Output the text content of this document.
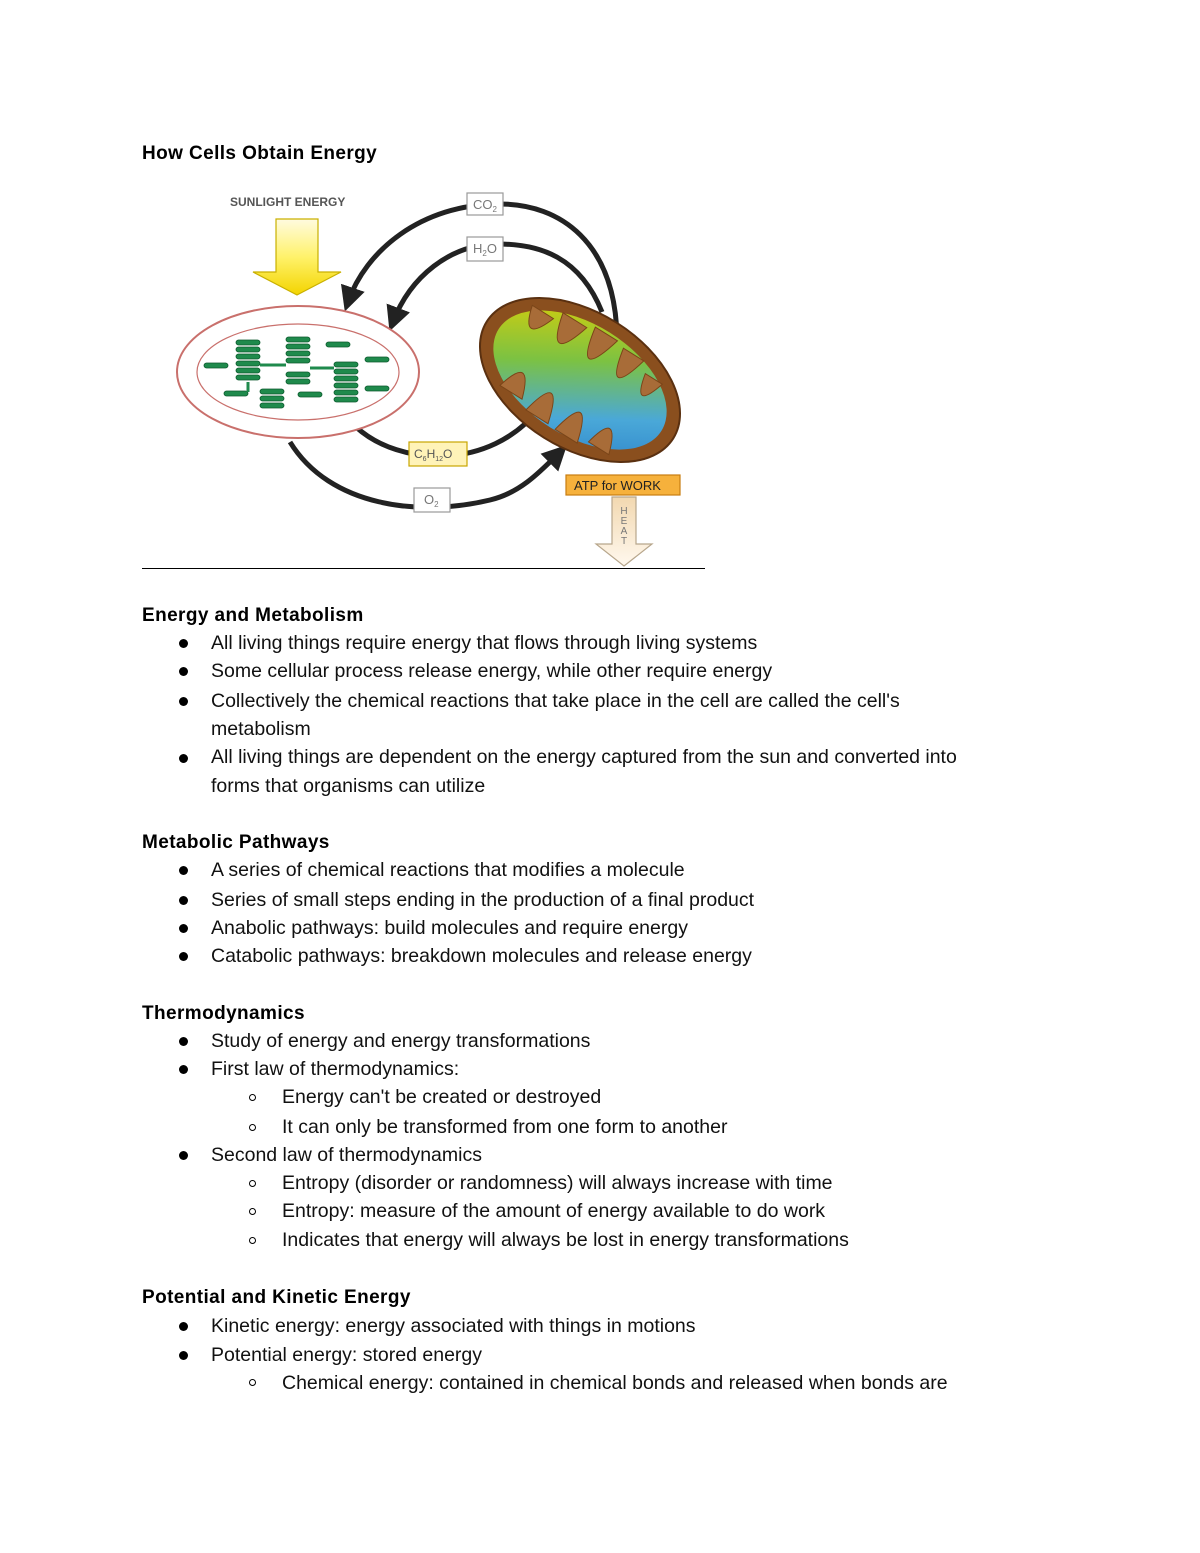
How Cells Obtain Energy
SUNLIGHT ENERGY	$CO_2$
$H_2O$
$C_6H_{12}O$
$O_2$
ATP for WORK
H
E
A
T
Energy and Metabolism
All living things require energy that flows through living systems
Some cellular process release energy, while other require energy
Collectively the chemical reactions that take place in the cell are called the cell's
metabolism
All living things are dependent on the energy captured from the sun and converted into
forms that organisms can utilize
Metabolic Pathways
A series of chemical reactions that modifies a molecule
Series of small steps ending in the production of a final product
Anabolic pathways: build molecules and require energy
Catabolic pathways: breakdown molecules and release energy
Thermodynamics
Study of energy and energy transformations
First law of thermodynamics:
Energy can't be created or destroyed
It can only be transformed from one form to another
Second law of thermodynamics
Entropy (disorder or randomness) will always increase with time
Entropy: measure of the amount of energy available to do work
Indicates that energy will always be lost in energy transformations
Potential and Kinetic Energy
Kinetic energy: energy associated with things in motions
Potential energy: stored energy
Chemical energy: contained in chemical bonds and released when bonds are
